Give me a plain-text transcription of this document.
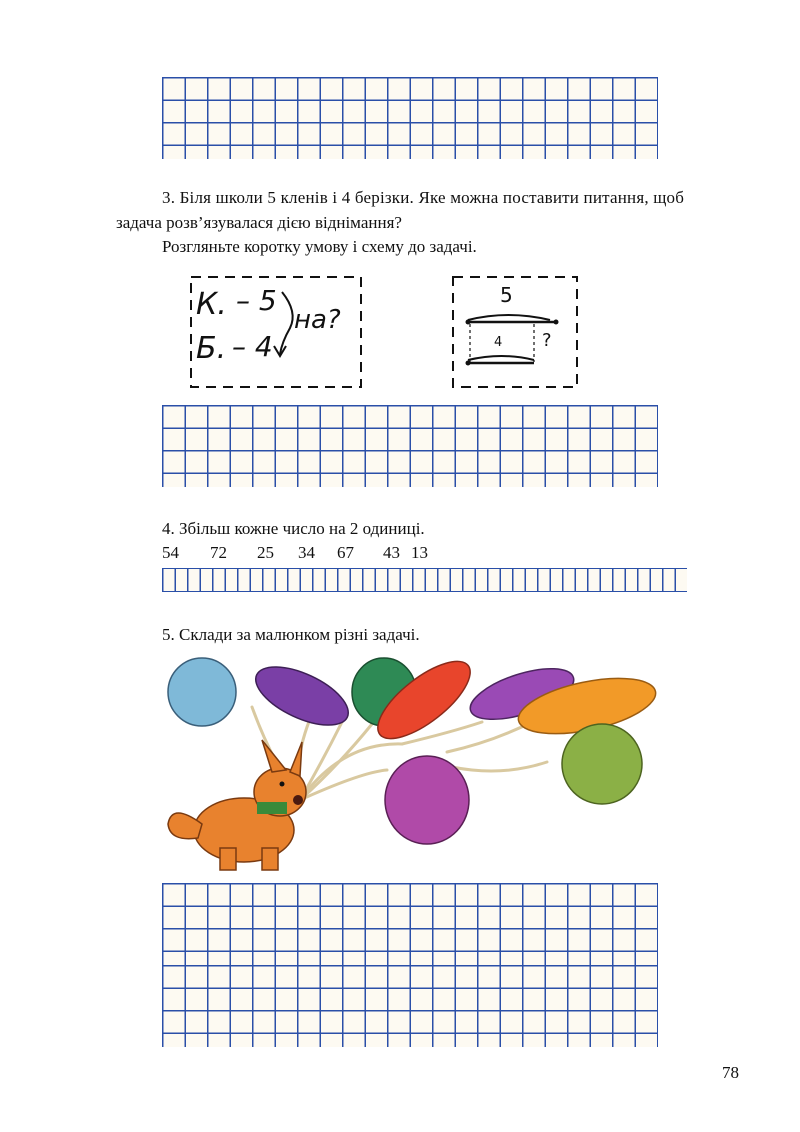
3. Біля школи 5 кленів і 4 берізки. Яке можна поставити питання, щоб
задача розв’язувалася дією віднімання?
Розгляньте коротку умову і схему до задачі.
К. – 5
Б. – 4
на?
5
4 ?
4. Збільш кожне число на 2 одиниці.
54 72 25 34 67 43 13
5. Склади за малюнком різні задачі.
78
